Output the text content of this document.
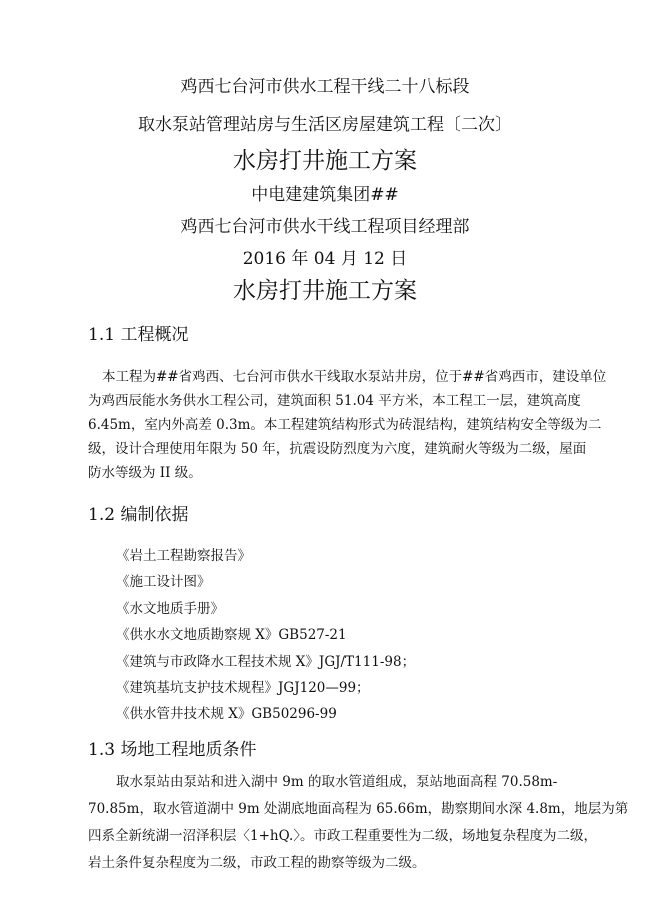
鸡西七台河市供水工程干线二十八标段
取水泵站管理站房与生活区房屋建筑工程〔二次〕
水房打井施工方案
中电建建筑集团##
鸡西七台河市供水干线工程项目经理部
2016 年 04 月 12 日
水房打井施工方案
1.1 工程概况
本工程为##省鸡西、七台河市供水干线取水泵站井房，位于##省鸡西市，建设单位
为鸡西辰能水务供水工程公司，建筑面积 51.04 平方米，本工程工一层，建筑高度
6.45m，室内外高差 0.3m。本工程建筑结构形式为砖混结构，建筑结构安全等级为二
级，设计合理使用年限为 50 年，抗震设防烈度为六度，建筑耐火等级为二级，屋面
防水等级为 II 级。
1.2 编制依据
《岩土工程勘察报告》
《施工设计图》
《水文地质手册》
《供水水文地质勘察规 X》GB527-21
《建筑与市政降水工程技术规 X》JGJ/T111-98；
《建筑基坑支护技术规程》JGJ120—99；
《供水管井技术规 X》GB50296-99
1.3 场地工程地质条件
取水泵站由泵站和进入湖中 9m 的取水管道组成，泵站地面高程 70.58m-
70.85m，取水管道湖中 9m 处湖底地面高程为 65.66m，勘察期间水深 4.8m，地层为第
四系全新统湖一沼泽积层〈1+hQ.〉。市政工程重要性为二级，场地复杂程度为二级，
岩土条件复杂程度为二级，市政工程的勘察等级为二级。
